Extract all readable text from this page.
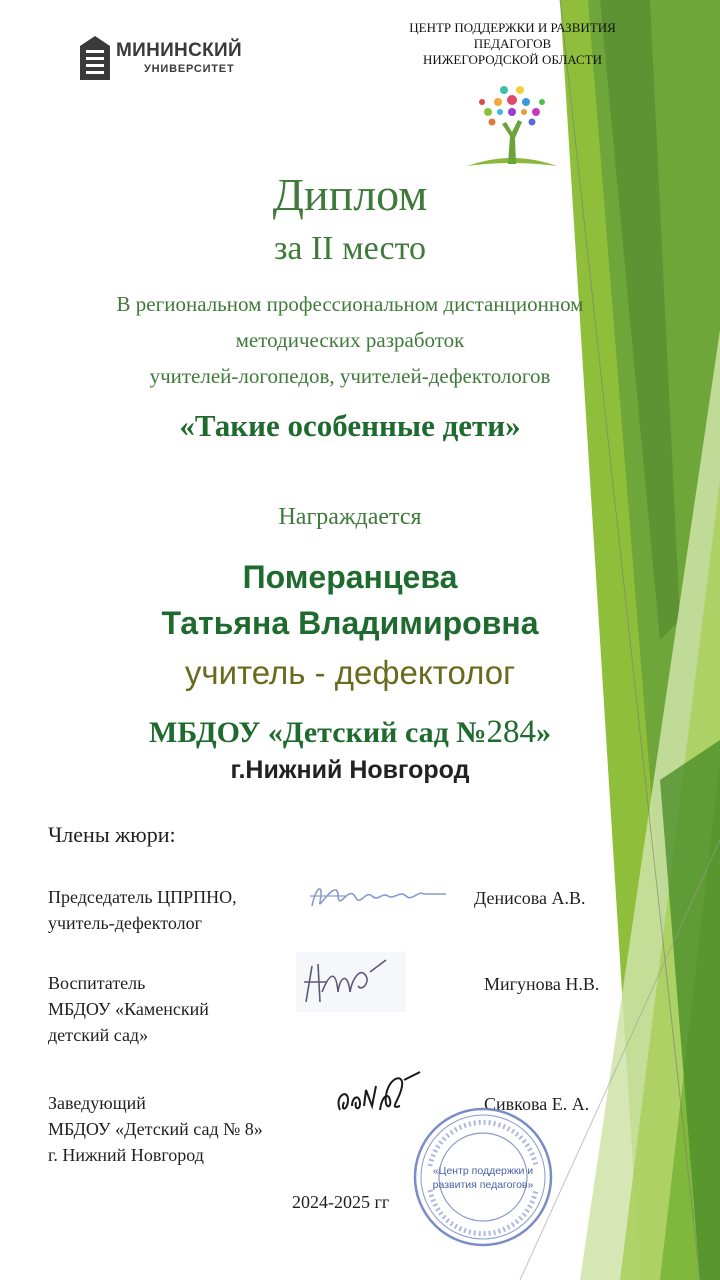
МИНИНСКИЙ
УНИВЕРСИТЕТ
ЦЕНТР ПОДДЕРЖКИ И РАЗВИТИЯ
ПЕДАГОГОВ
НИЖЕГОРОДСКОЙ ОБЛАСТИ
Диплом
за II место
В региональном профессиональном дистанционном
методических разработок
учителей-логопедов, учителей-дефектологов
«Такие особенные дети»
Награждается
Померанцева
Татьяна Владимировна
учитель - дефектолог
МБДОУ «Детский сад №284»
г.Нижний Новгород
Члены жюри:
Председатель ЦПРПНО,
учитель-дефектолог
Денисова А.В.
Воспитатель
МБДОУ «Каменский
детский сад»
Мигунова Н.В.
Заведующий
МБДОУ «Детский сад № 8»
г. Нижний Новгород
Сивкова Е. А.
«Центр поддержки и
развития педагогов»
2024-2025 гг
